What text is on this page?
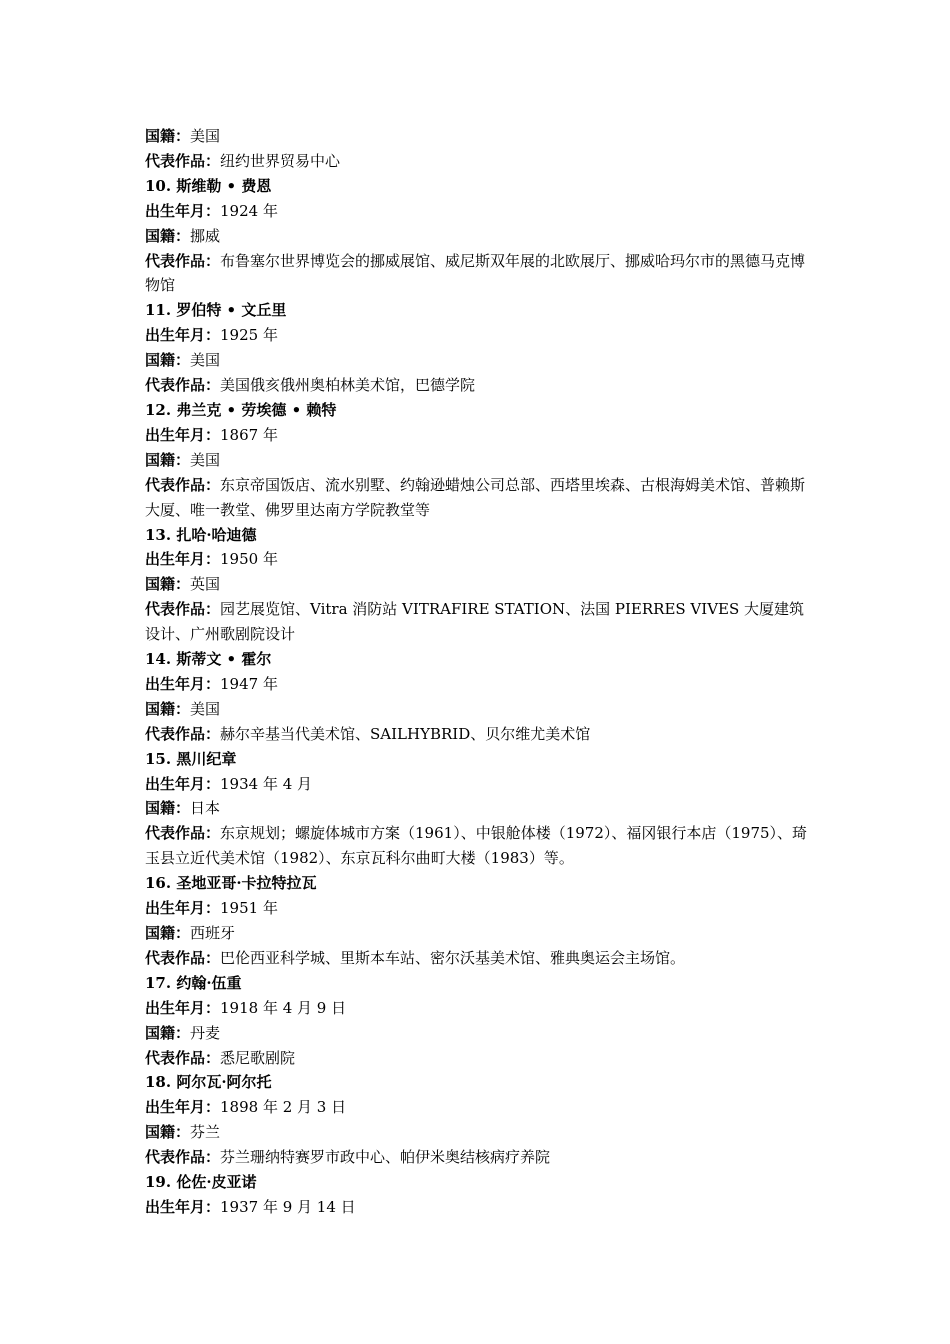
国籍：美国
代表作品：纽约世界贸易中心
10. 斯维勒 • 费恩
出生年月：1924 年
国籍：挪威
代表作品：布鲁塞尔世界博览会的挪威展馆、威尼斯双年展的北欧展厅、挪威哈玛尔市的黑德马克博物馆
11. 罗伯特 • 文丘里
出生年月：1925 年
国籍：美国
代表作品：美国俄亥俄州奥柏林美术馆，巴德学院
12. 弗兰克 • 劳埃德 • 赖特
出生年月：1867 年
国籍：美国
代表作品：东京帝国饭店、流水别墅、约翰逊蜡烛公司总部、西塔里埃森、古根海姆美术馆、普赖斯大厦、唯一教堂、佛罗里达南方学院教堂等
13. 扎哈·哈迪德
出生年月：1950 年
国籍：英国
代表作品：园艺展览馆、Vitra 消防站 VITRAFIRE STATION、法国 PIERRES VIVES 大厦建筑设计、广州歌剧院设计
14. 斯蒂文 • 霍尔
出生年月：1947 年
国籍：美国
代表作品：赫尔辛基当代美术馆、SAILHYBRID、贝尔维尤美术馆
15. 黑川纪章
出生年月：1934 年 4 月
国籍：日本
代表作品：东京规划；螺旋体城市方案（1961）、中银舱体楼（1972）、福冈银行本店（1975）、琦玉县立近代美术馆（1982）、东京瓦科尔曲町大楼（1983）等。
16. 圣地亚哥·卡拉特拉瓦
出生年月：1951 年
国籍：西班牙
代表作品：巴伦西亚科学城、里斯本车站、密尔沃基美术馆、雅典奥运会主场馆。
17. 约翰·伍重
出生年月：1918 年 4 月 9 日
国籍：丹麦
代表作品：悉尼歌剧院
18. 阿尔瓦·阿尔托
出生年月：1898 年 2 月 3 日
国籍：芬兰
代表作品：芬兰珊纳特赛罗市政中心、帕伊米奥结核病疗养院
19. 伦佐·皮亚诺
出生年月：1937 年 9 月 14 日
